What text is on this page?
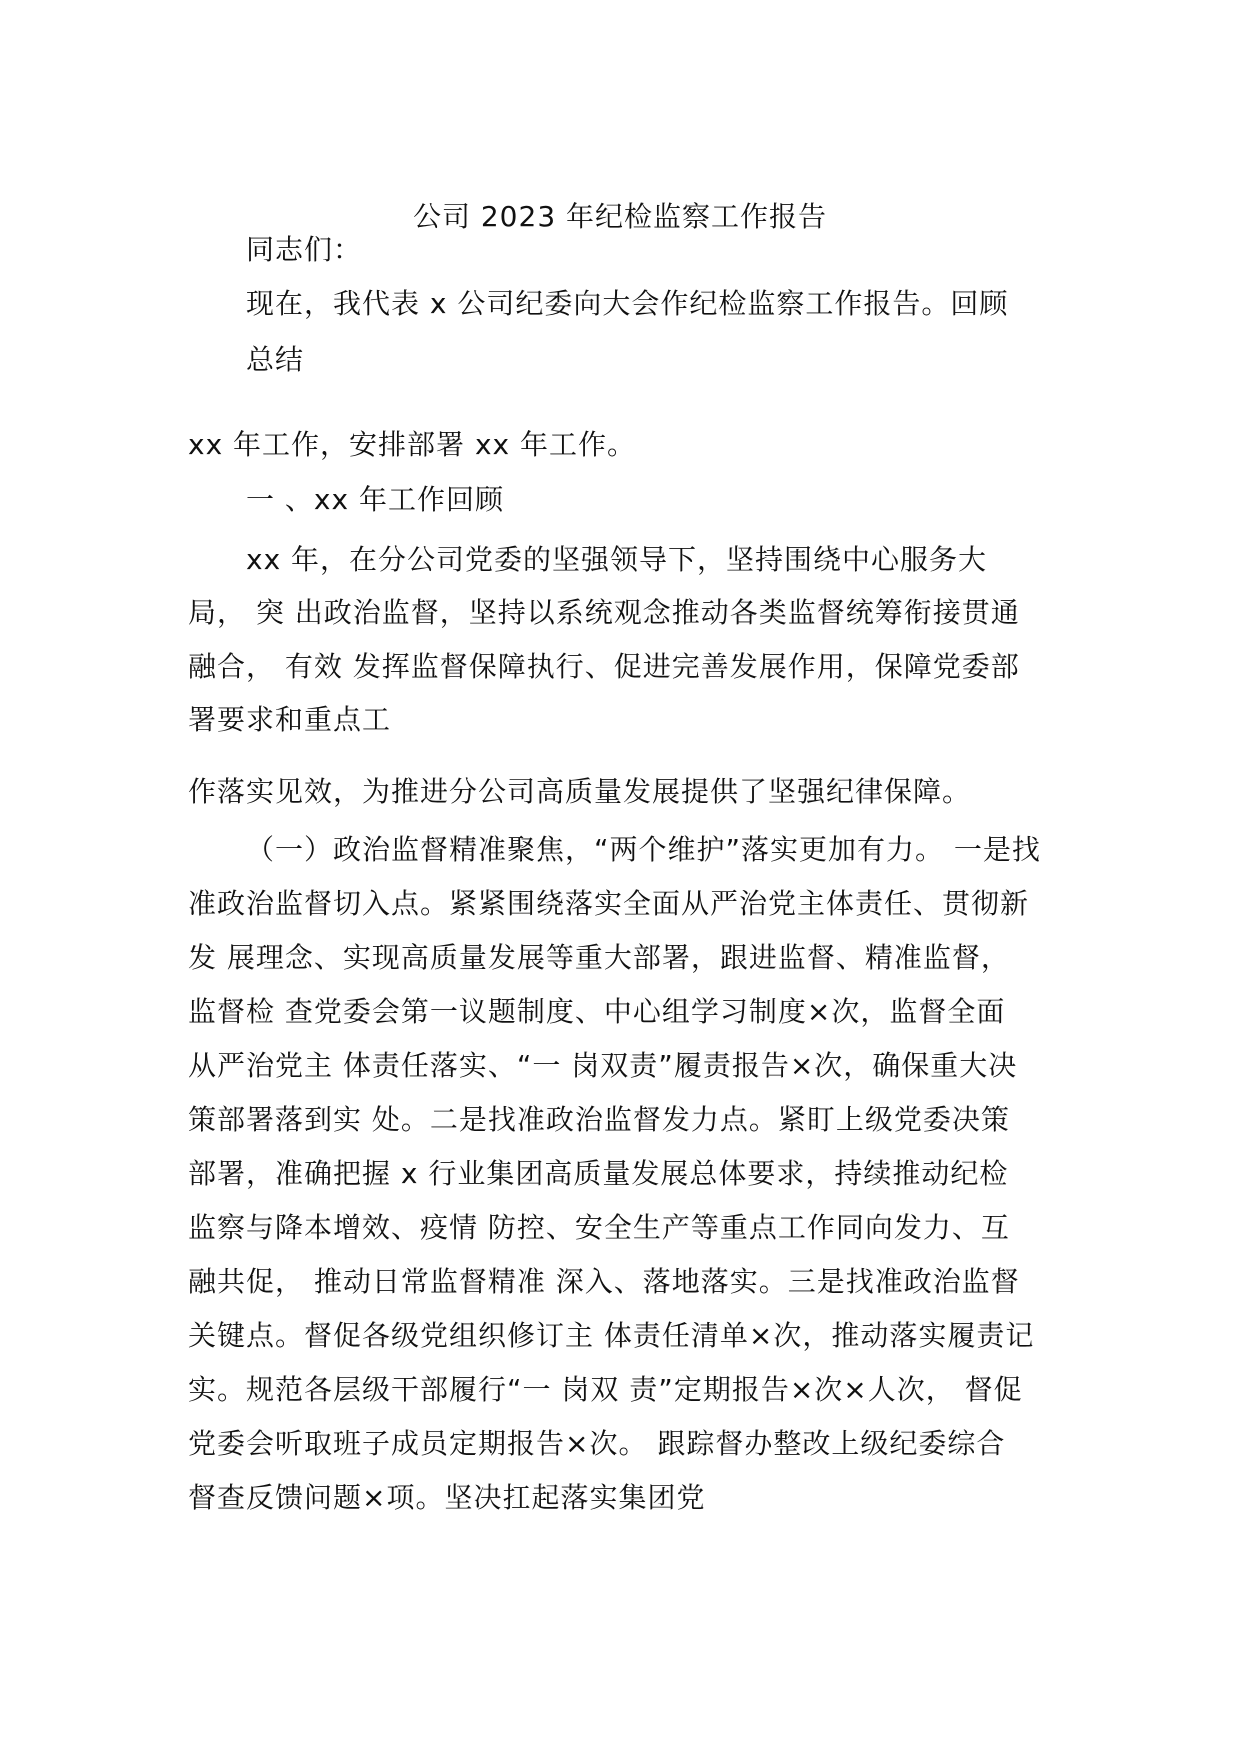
公司 2023 年纪检监察工作报告
同志们：
现在，我代表 x 公司纪委向大会作纪检监察工作报告。回顾
总结
xx 年工作，安排部署 xx 年工作。
一 、xx 年工作回顾
xx 年，在分公司党委的坚强领导下，坚持围绕中心服务大
局， 突 出政治监督，坚持以系统观念推动各类监督统筹衔接贯通
融合， 有效 发挥监督保障执行、促进完善发展作用，保障党委部
署要求和重点工
作落实见效，为推进分公司高质量发展提供了坚强纪律保障。
（一）政治监督精准聚焦，“两个维护”落实更加有力。 一是找
准政治监督切入点。紧紧围绕落实全面从严治党主体责任、贯彻新
发 展理念、实现高质量发展等重大部署，跟进监督、精准监督，
监督检 查党委会第一议题制度、中心组学习制度×次，监督全面
从严治党主 体责任落实、“一 岗双责”履责报告×次，确保重大决
策部署落到实 处。二是找准政治监督发力点。紧盯上级党委决策
部署，准确把握 x 行业集团高质量发展总体要求，持续推动纪检
监察与降本增效、疫情 防控、安全生产等重点工作同向发力、互
融共促， 推动日常监督精准 深入、落地落实。三是找准政治监督
关键点。督促各级党组织修订主 体责任清单×次，推动落实履责记
实。规范各层级干部履行“一 岗双 责”定期报告×次×人次， 督促
党委会听取班子成员定期报告×次。 跟踪督办整改上级纪委综合
督查反馈问题×项。坚决扛起落实集团党
